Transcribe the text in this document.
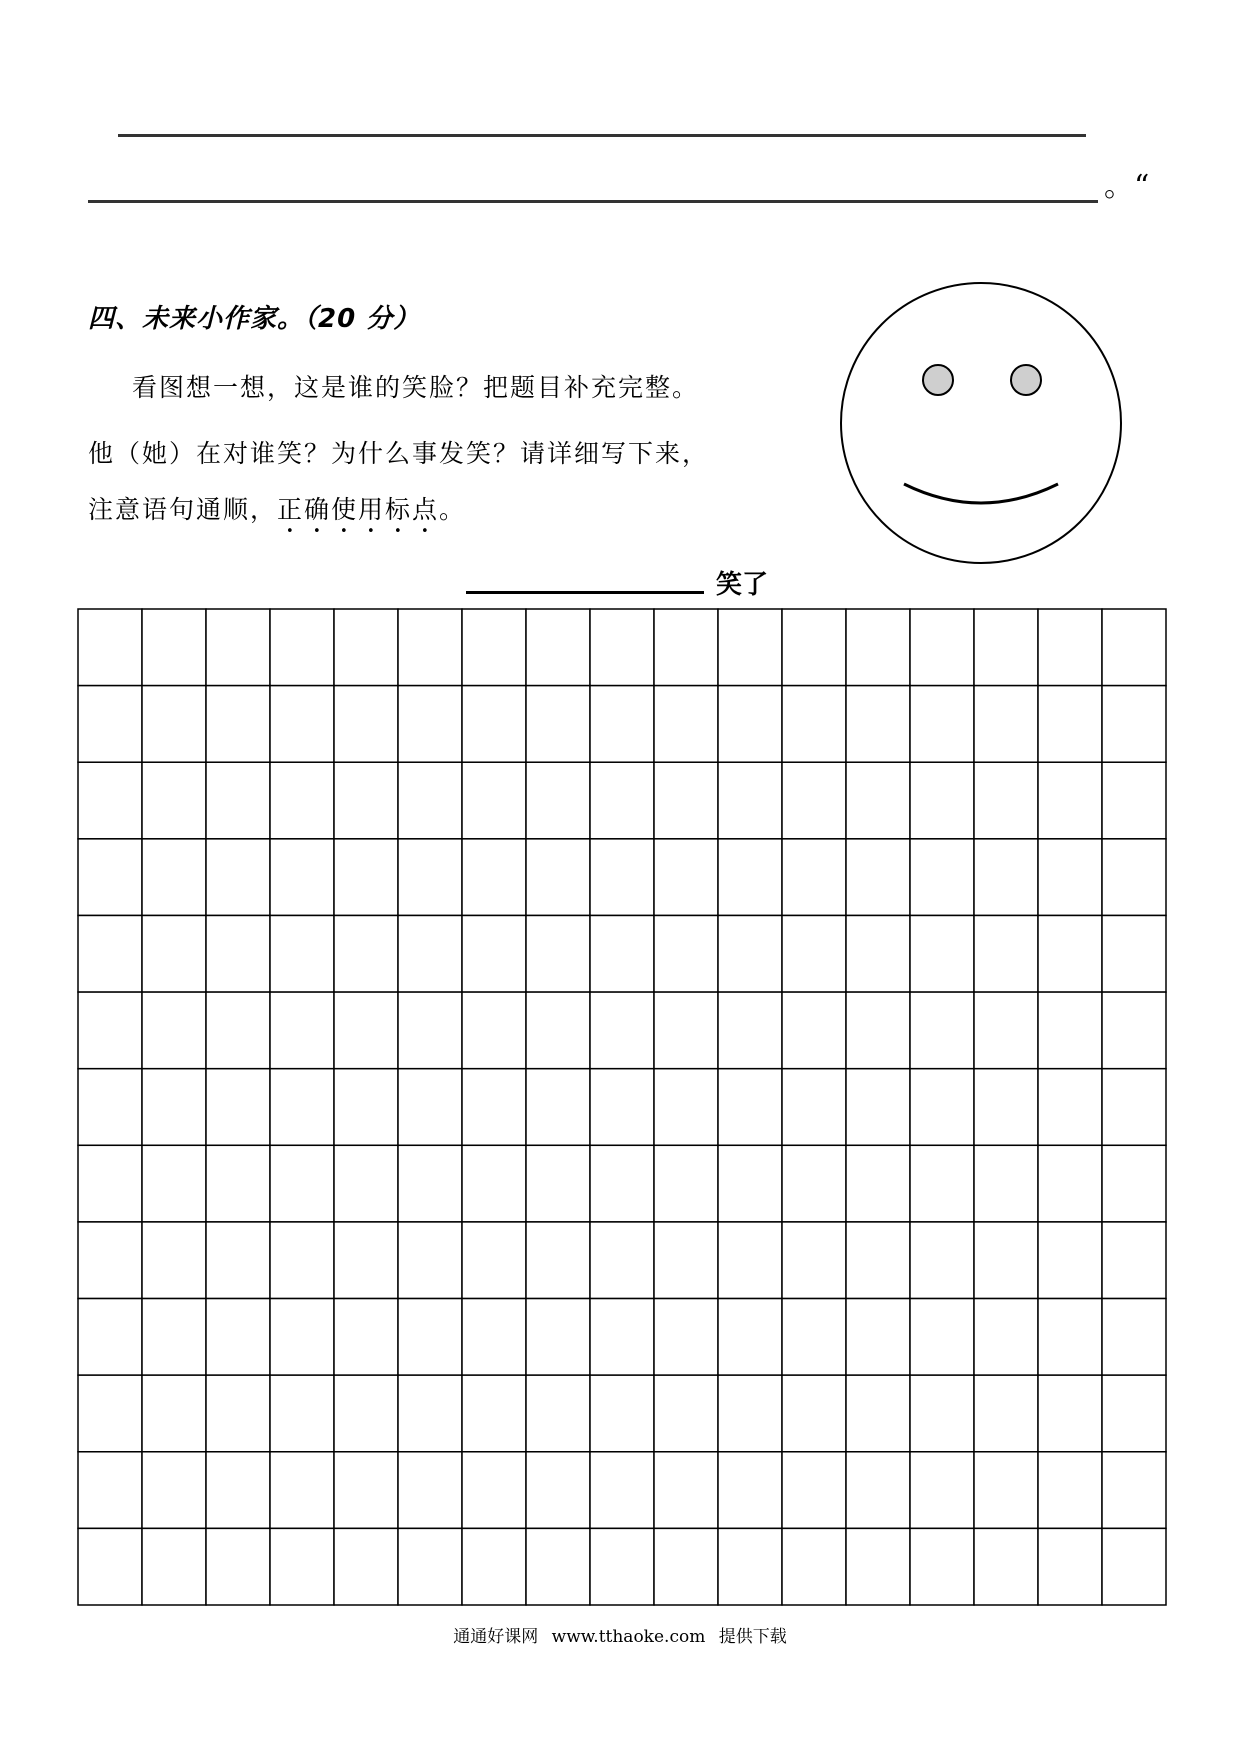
。“
四、未来小作家。（20 分）
看图想一想，这是谁的笑脸？把题目补充完整。
他（她）在对谁笑？为什么事发笑？请详细写下来，
注意语句通顺，正确使用标点。
笑了
通通好课网 www.tthaoke.com 提供下载
